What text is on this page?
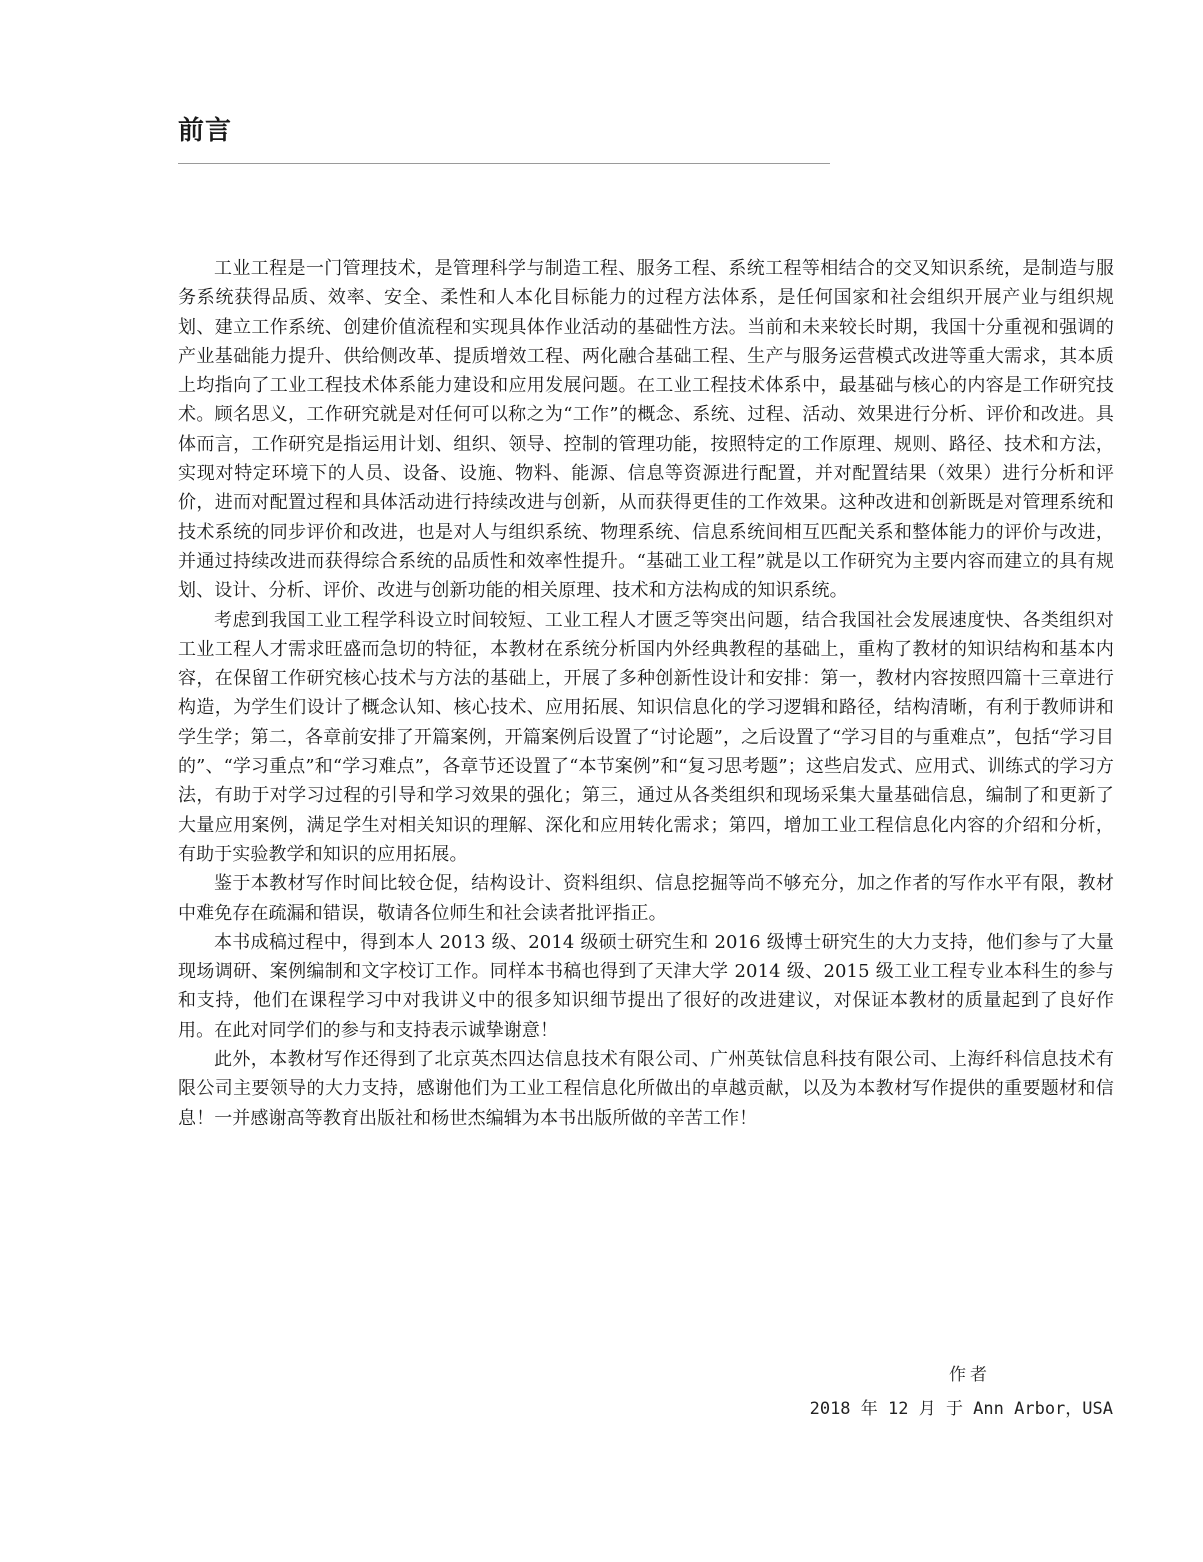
前言

工业工程是一门管理技术，是管理科学与制造工程、服务工程、系统工程等相结合的交叉知识系统，是制造与服务系统获得品质、效率、安全、柔性和人本化目标能力的过程方法体系，是任何国家和社会组织开展产业与组织规划、建立工作系统、创建价值流程和实现具体作业活动的基础性方法。当前和未来较长时期，我国十分重视和强调的产业基础能力提升、供给侧改革、提质增效工程、两化融合基础工程、生产与服务运营模式改进等重大需求，其本质上均指向了工业工程技术体系能力建设和应用发展问题。在工业工程技术体系中，最基础与核心的内容是工作研究技术。顾名思义，工作研究就是对任何可以称之为“工作”的概念、系统、过程、活动、效果进行分析、评价和改进。具体而言，工作研究是指运用计划、组织、领导、控制的管理功能，按照特定的工作原理、规则、路径、技术和方法，实现对特定环境下的人员、设备、设施、物料、能源、信息等资源进行配置，并对配置结果（效果）进行分析和评价，进而对配置过程和具体活动进行持续改进与创新，从而获得更佳的工作效果。这种改进和创新既是对管理系统和技术系统的同步评价和改进，也是对人与组织系统、物理系统、信息系统间相互匹配关系和整体能力的评价与改进，并通过持续改进而获得综合系统的品质性和效率性提升。“基础工业工程”就是以工作研究为主要内容而建立的具有规划、设计、分析、评价、改进与创新功能的相关原理、技术和方法构成的知识系统。

考虑到我国工业工程学科设立时间较短、工业工程人才匮乏等突出问题，结合我国社会发展速度快、各类组织对工业工程人才需求旺盛而急切的特征，本教材在系统分析国内外经典教程的基础上，重构了教材的知识结构和基本内容，在保留工作研究核心技术与方法的基础上，开展了多种创新性设计和安排：第一，教材内容按照四篇十三章进行构造，为学生们设计了概念认知、核心技术、应用拓展、知识信息化的学习逻辑和路径，结构清晰，有利于教师讲和学生学；第二，各章前安排了开篇案例，开篇案例后设置了“讨论题”，之后设置了“学习目的与重难点”，包括“学习目的”、“学习重点”和“学习难点”，各章节还设置了“本节案例”和“复习思考题”；这些启发式、应用式、训练式的学习方法，有助于对学习过程的引导和学习效果的强化；第三，通过从各类组织和现场采集大量基础信息，编制了和更新了大量应用案例，满足学生对相关知识的理解、深化和应用转化需求；第四，增加工业工程信息化内容的介绍和分析，有助于实验教学和知识的应用拓展。

鉴于本教材写作时间比较仓促，结构设计、资料组织、信息挖掘等尚不够充分，加之作者的写作水平有限，教材中难免存在疏漏和错误，敬请各位师生和社会读者批评指正。

本书成稿过程中，得到本人 2013 级、2014 级硕士研究生和 2016 级博士研究生的大力支持，他们参与了大量现场调研、案例编制和文字校订工作。同样本书稿也得到了天津大学 2014 级、2015 级工业工程专业本科生的参与和支持，他们在课程学习中对我讲义中的很多知识细节提出了很好的改进建议，对保证本教材的质量起到了良好作用。在此对同学们的参与和支持表示诚挚谢意！

此外，本教材写作还得到了北京英杰四达信息技术有限公司、广州英钛信息科技有限公司、上海纤科信息技术有限公司主要领导的大力支持，感谢他们为工业工程信息化所做出的卓越贡献，以及为本教材写作提供的重要题材和信息！一并感谢高等教育出版社和杨世杰编辑为本书出版所做的辛苦工作！

作者
2018 年 12 月 于 Ann Arbor，USA
